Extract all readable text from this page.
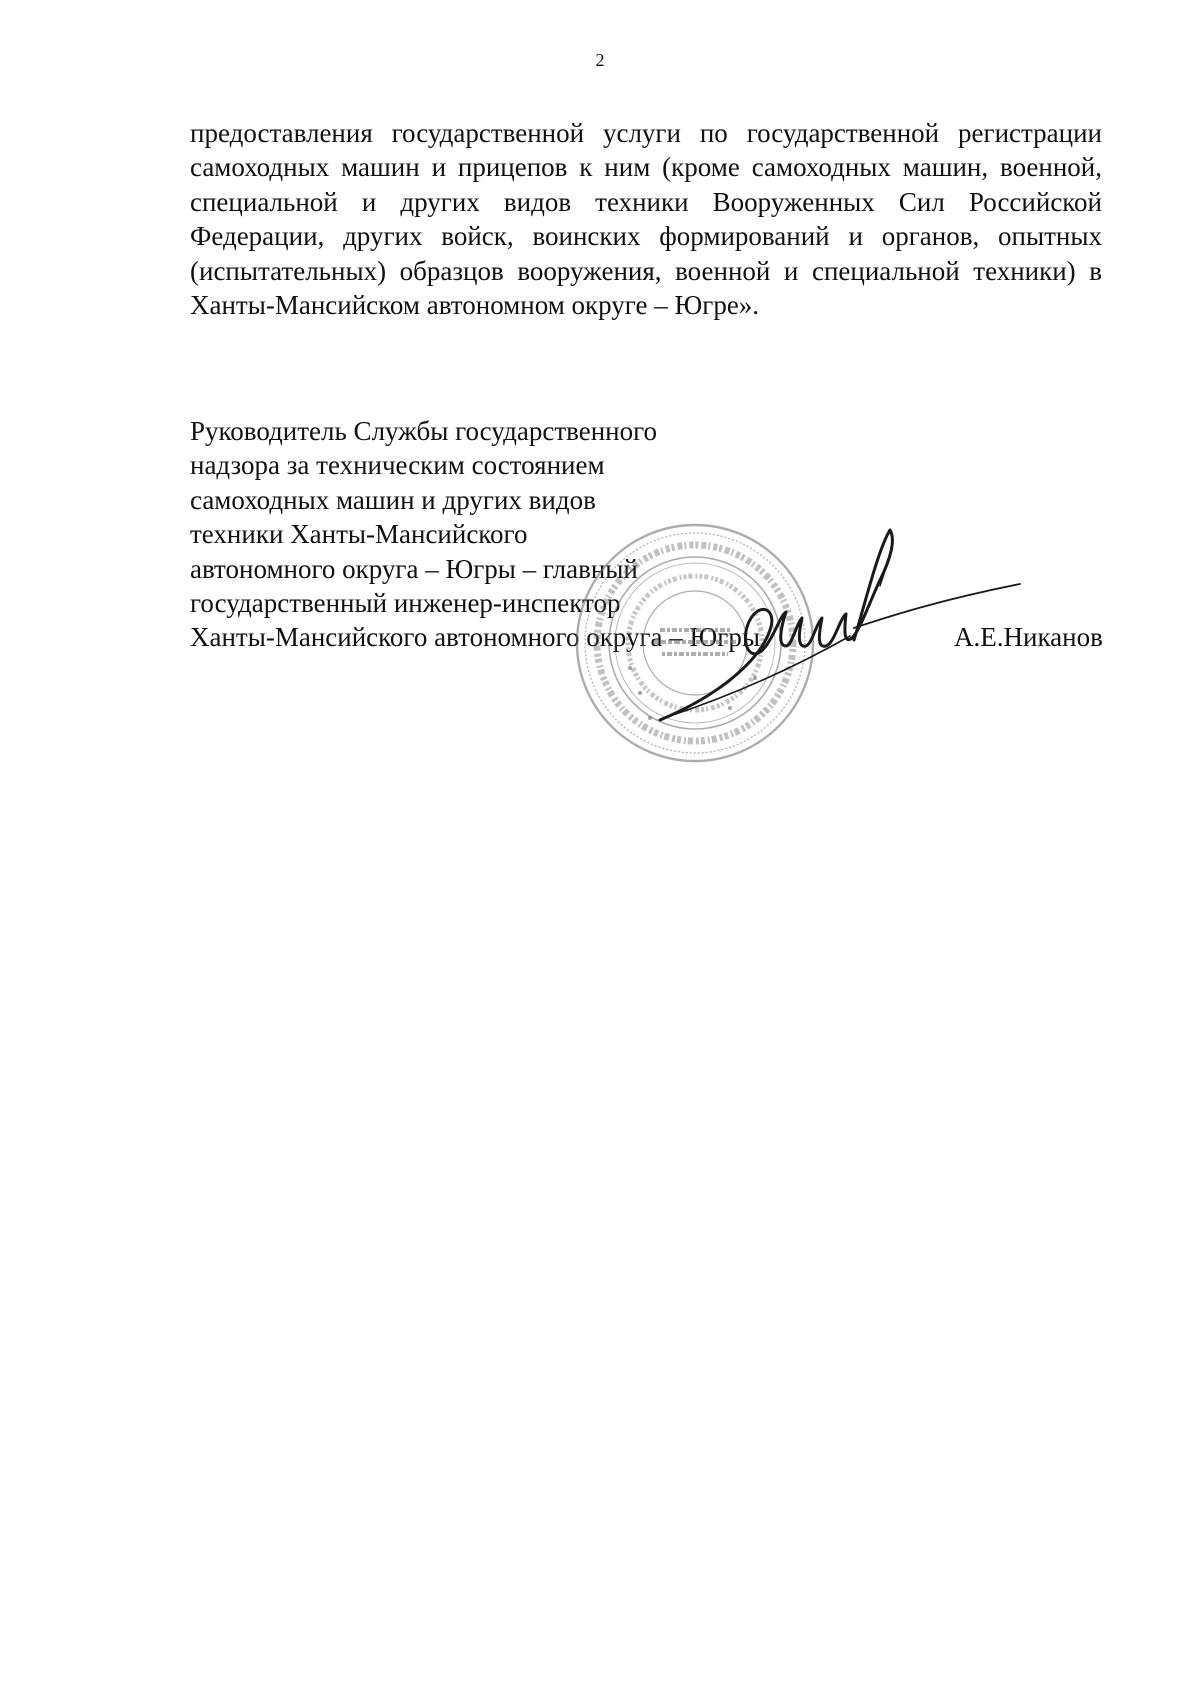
2
предоставления государственной услуги по государственной регистрации
самоходных машин и прицепов к ним (кроме самоходных машин, военной,
специальной и других видов техники Вооруженных Сил Российской
Федерации, других войск, воинских формирований и органов, опытных
(испытательных) образцов вооружения, военной и специальной техники) в
Ханты-Мансийском автономном округе – Югре».
Руководитель Службы государственного
надзора за техническим состоянием
самоходных машин и других видов
техники Ханты-Мансийского
автономного округа – Югры – главный
государственный инженер-инспектор
Ханты-Мансийского автономного округа – Югры	А.Е.Никанов
